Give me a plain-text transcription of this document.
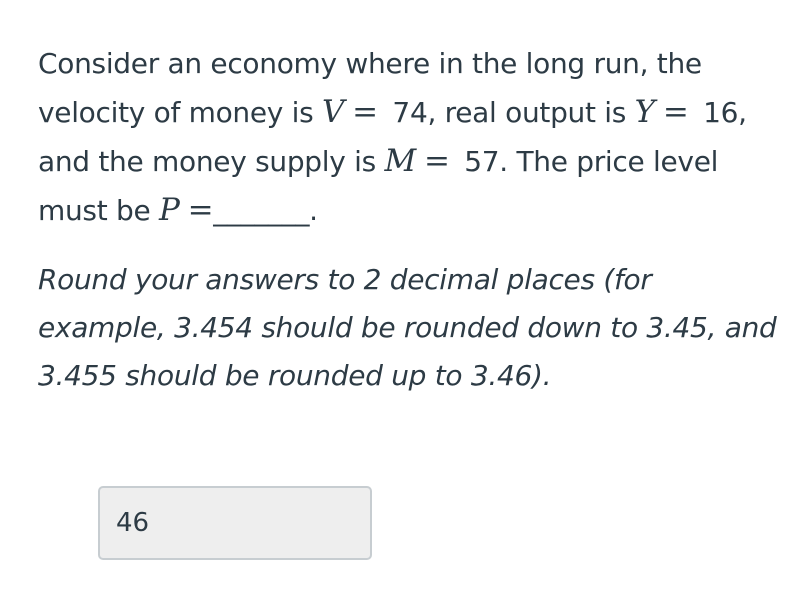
Consider an economy where in the long run, the velocity of money is V = 74, real output is Y = 16, and the money supply is M = 57. The price level must be P =_______.

Round your answers to 2 decimal places (for example, 3.454 should be rounded down to 3.45, and 3.455 should be rounded up to 3.46).

46
